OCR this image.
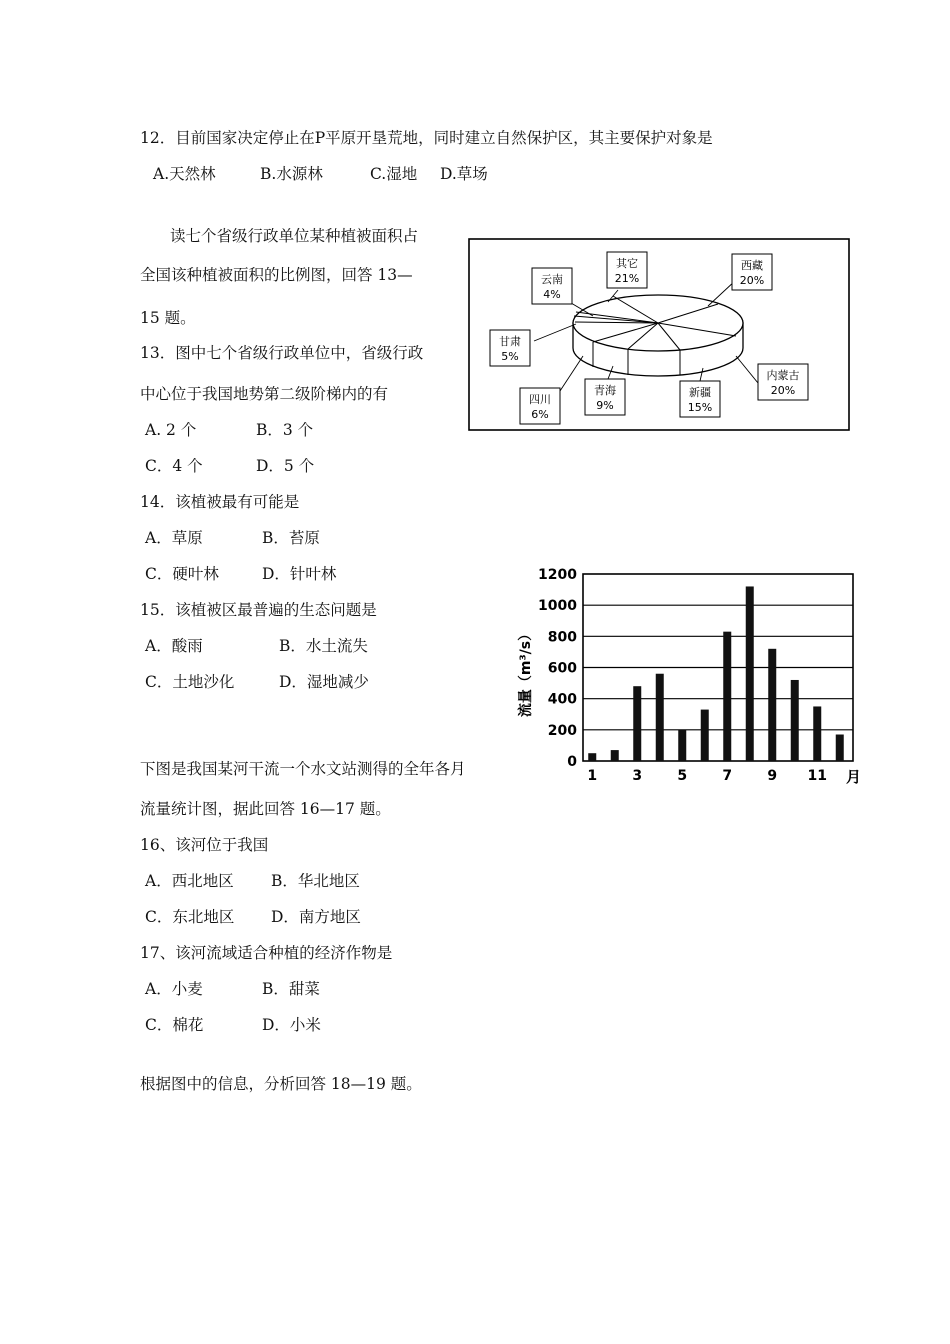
12．目前国家决定停止在P平原开垦荒地，同时建立自然保护区，其主要保护对象是
A.天然林	B.水源林	C.湿地 D.草场
读七个省级行政单位某种植被面积占
全国该种植被面积的比例图，回答 13—
15 题。
其它
21%
西藏
20%
内蒙古
20%
新疆
15%
青海
9%
四川
6%
甘肃
5%
云南
4%
13．图中七个省级行政单位中，省级行政
中心位于我国地势第二级阶梯内的有
A. 2 个	B．3 个
C．4 个	D．5 个
14．该植被最有可能是
A．草原	B．苔原
C．硬叶林	D．针叶林
15．该植被区最普遍的生态问题是
A．酸雨	B．水土流失
C．土地沙化	D．湿地减少	流量（m³/s）
月
0
200
400
600
800
1000
1200
1	3	5	7	9 11
下图是我国某河干流一个水文站测得的全年各月
流量统计图，据此回答 16—17 题。
16、该河位于我国
A．西北地区 B．华北地区
C．东北地区 D．南方地区
17、该河流域适合种植的经济作物是
A．小麦	B．甜菜
C．棉花	D．小米
根据图中的信息，分析回答 18—19 题。
